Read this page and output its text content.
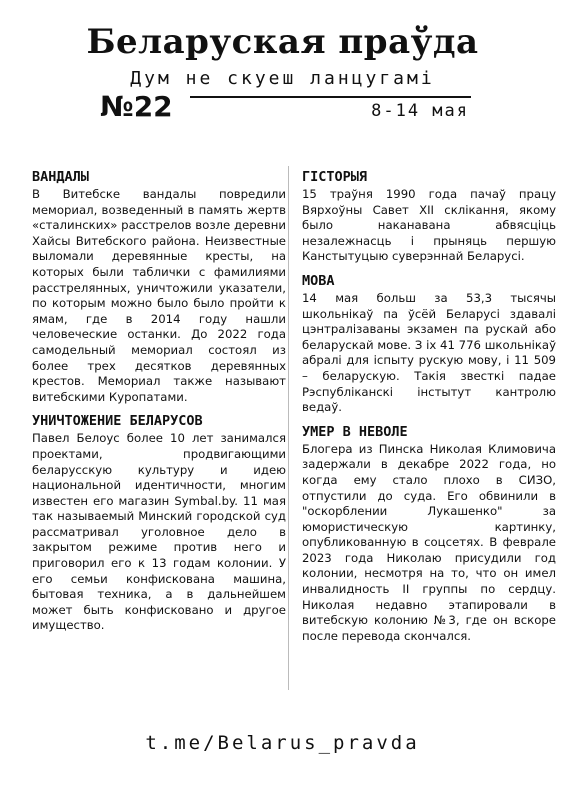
Беларуская праўда
Дум не скуеш ланцугамі
№22	8-14 мая
ВАНДАЛЫ

В Витебске вандалы повредили мемориал, возведенный в память жертв «сталинских» расстрелов возле деревни Хайсы Витебского района. Неизвестные выломали деревянные кресты, на которых были таблички с фамилиями расстрелянных, уничтожили указатели, по которым можно было было пройти к ямам, где в 2014 году нашли человеческие останки. До 2022 года самодельный мемориал состоял из более трех десятков деревянных крестов. Мемориал также называют витебскими Куропатами.

УНИЧТОЖЕНИЕ БЕЛАРУСОВ

Павел Белоус более 10 лет занимался проектами, продвигающими беларусскую культуру и идею национальной идентичности, многим известен его магазин Symbal.by. 11 мая так называемый Минский городской суд рассматривал уголовное дело в закрытом режиме против него и приговорил его к 13 годам колонии. У его семьи конфискована машина, бытовая техника, а в дальнейшем может быть конфисковано и другое имущество.

ГІСТОРЫЯ

15 траўня 1990 года пачаў працу Вярхоўны Савет XII склікання, якому было наканавана абвясціць незалежнасць і прыняць першую Канстытуцыю суверэннай Беларусі.

МОВА

14 мая больш за 53,3 тысячы школьнікаў па ўсёй Беларусі здавалі цэнтралізаваны экзамен па рускай або беларускай мове. З іх 41 776 школьнікаў абралі для іспыту рускую мову, і 11 509 – беларускую. Такія звесткі падае Рэспубліканскі інстытут кантролю ведаў.

УМЕР В НЕВОЛЕ

Блогера из Пинска Николая Климовича задержали в декабре 2022 года, но когда ему стало плохо в СИЗО, отпустили до суда. Его обвинили в "оскорблении Лукашенко" за юмористическую картинку, опубликованную в соцсетях. В феврале 2023 года Николаю присудили год колонии, несмотря на то, что он имел инвалидность II группы по сердцу. Николая недавно этапировали в витебскую колонию №3, где он вскоре после перевода скончался.

t.me/Belarus_pravda
